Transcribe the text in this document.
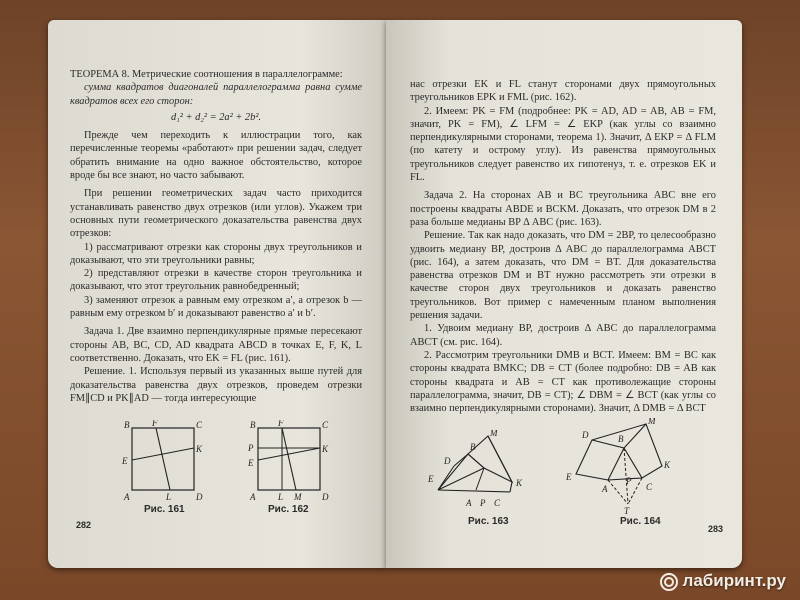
ТЕОРЕМА 8. Метрические соотношения в параллелограмме:

сумма квадратов диагоналей параллелограмма равна сумме квадратов всех его сторон:

d₁² + d₂² = 2a² + 2b².

Прежде чем переходить к иллюстрации того, как перечисленные теоремы «работают» при решении задач, следует обратить внимание на одно важное обстоятельство, которое вроде бы все знают, но часто забывают.

При решении геометрических задач часто приходится устанавливать равенство двух отрезков (или углов). Укажем три основных пути геометрического доказательства равенства двух отрезков:

1) рассматривают отрезки как стороны двух треугольников и доказывают, что эти треугольники равны;

2) представляют отрезки в качестве сторон треугольника и доказывают, что этот треугольник равнобедренный;

3) заменяют отрезок a равным ему отрезком a′, а отрезок b — равным ему отрезком b′ и доказывают равенство a′ и b′.

Задача 1. Две взаимно перпендикулярные прямые пересекают стороны AB, BC, CD, AD квадрата ABCD в точках E, F, K, L соответственно. Доказать, что EK = FL (рис. 161).

Решение. 1. Используя первый из указанных выше путей для доказательства равенства двух отрезков, проведем отрезки FM∥CD и PK∥AD — тогда интересующие

B	F	C
E
K
A	L	D
Рис. 161
B	F	C
P
E
K
A	L M D
Рис. 162
282

нас отрезки EK и FL станут сторонами двух прямоугольных треугольников EPK и FML (рис. 162).

2. Имеем: PK = FM (подробнее: PK = AD, AD = AB, AB = FM, значит, PK = FM), ∠ LFM = ∠ EKP (как углы со взаимно перпендикулярными сторонами, теорема 1). Значит, Δ EKP = Δ FLM (по катету и острому углу). Из равенства прямоугольных треугольников следует равенство их гипотенуз, т. е. отрезков EK и FL.

Задача 2. На сторонах AB и BC треугольника ABC вне его построены квадраты ABDE и BCKM. Доказать, что отрезок DM в 2 раза больше медианы BP Δ ABC (рис. 163).

Решение. Так как надо доказать, что DM = 2BP, то целесообразно удвоить медиану BP, достроив Δ ABC до параллелограмма ABCT (рис. 164), а затем доказать, что DM = BT. Для доказательства равенства отрезков DM и BT нужно рассмотреть эти отрезки в качестве сторон двух треугольников и доказать равенство треугольников. Вот пример с намеченным планом выполнения решения задачи.

1. Удвоим медиану BP, достроив Δ ABC до параллелограмма ABCT (см. рис. 164).

2. Рассмотрим треугольники DMB и BCT. Имеем: BM = BC как стороны квадрата BMKC; DB = CT (более подробно: DB = AB как стороны квадрата и AB = CT как противолежащие стороны параллелограмма, значит, DB = CT); ∠ DBM = ∠ BCT (как углы со взаимно перпендикулярными сторонами). Значит, Δ DMB = Δ BCT

D
E
B
M
K
A P C
Рис. 163
M
D	B
E
K
A
P
C
T
Рис. 164
283
лабиринт.ру
